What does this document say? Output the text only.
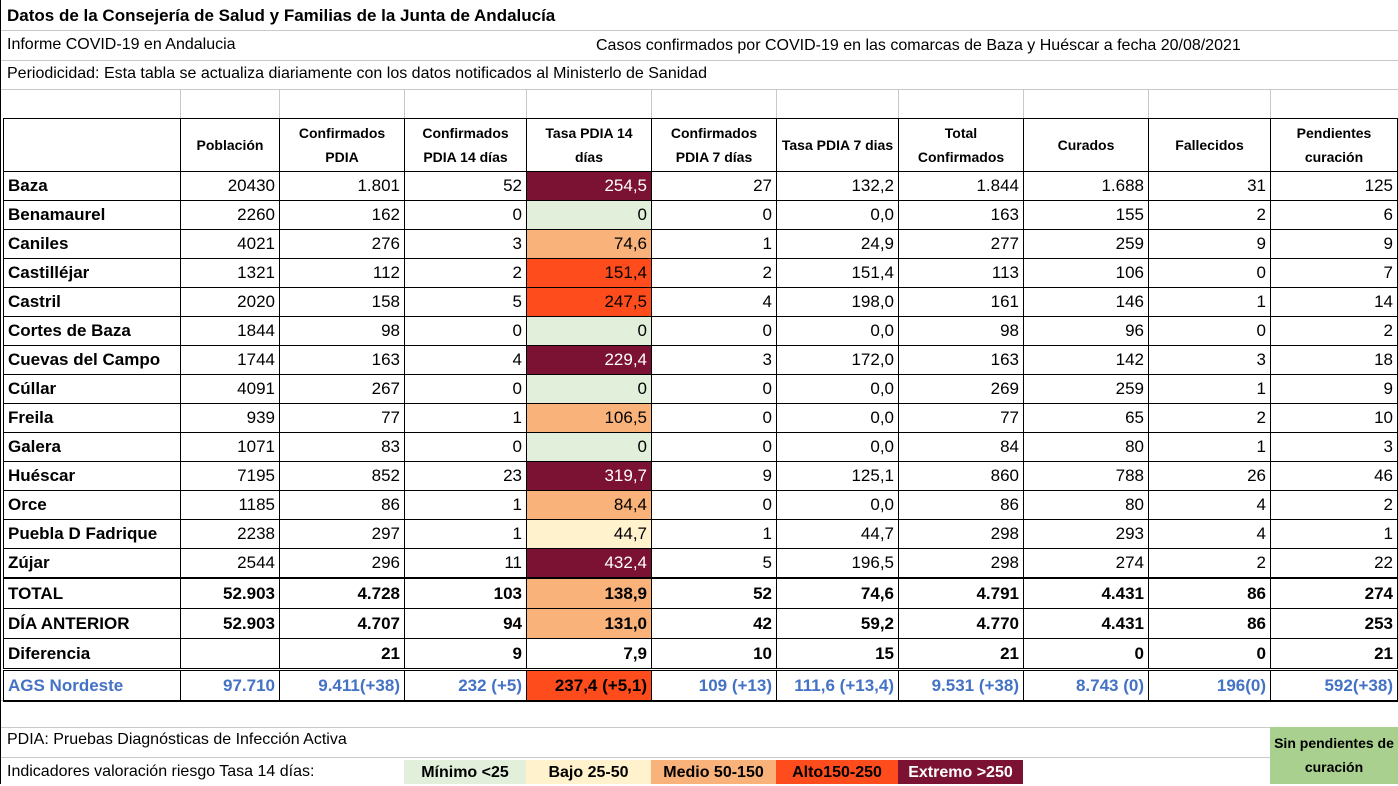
Datos de la Consejería de Salud y Familias de la Junta de Andalucía
Informe COVID-19 en Andalucia	Casos confirmados por COVID-19 en las comarcas de Baza y Huéscar a fecha 20/08/2021
Periodicidad: Esta tabla se actualiza diariamente con los datos notificados al Ministerlo de Sanidad
	Población	Confirmados PDIA	Confirmados PDIA 14 días	Tasa PDIA 14 días	Confirmados PDIA 7 días	Tasa PDIA 7 dias	Total Confirmados	Curados	Fallecidos	Pendientes curación
Baza	20430	1.801	52	254,5	27	132,2	1.844	1.688	31	125
Benamaurel	2260	162	0	0	0	0,0	163	155	2	6
Caniles	4021	276	3	74,6	1	24,9	277	259	9	9
Castilléjar	1321	112	2	151,4	2	151,4	113	106	0	7
Castril	2020	158	5	247,5	4	198,0	161	146	1	14
Cortes de Baza	1844	98	0	0	0	0,0	98	96	0	2
Cuevas del Campo	1744	163	4	229,4	3	172,0	163	142	3	18
Cúllar	4091	267	0	0	0	0,0	269	259	1	9
Freila	939	77	1	106,5	0	0,0	77	65	2	10
Galera	1071	83	0	0	0	0,0	84	80	1	3
Huéscar	7195	852	23	319,7	9	125,1	860	788	26	46
Orce	1185	86	1	84,4	0	0,0	86	80	4	2
Puebla D Fadrique	2238	297	1	44,7	1	44,7	298	293	4	1
Zújar	2544	296	11	432,4	5	196,5	298	274	2	22
TOTAL	52.903	4.728	103	138,9	52	74,6	4.791	4.431	86	274
DÍA ANTERIOR	52.903	4.707	94	131,0	42	59,2	4.770	4.431	86	253
Diferencia		21	9	7,9	10	15	21	0	0	21
AGS Nordeste	97.710	9.411(+38)	232 (+5)	237,4 (+5,1)	109 (+13)	111,6 (+13,4)	9.531 (+38)	8.743 (0)	196(0)	592(+38)
PDIA: Pruebas Diagnósticas de Infección Activa
Indicadores valoración riesgo Tasa 14 días:	Mínimo <25	Bajo 25-50	Medio 50-150	Alto150-250	Extremo >250
Sin pendientes de curación
